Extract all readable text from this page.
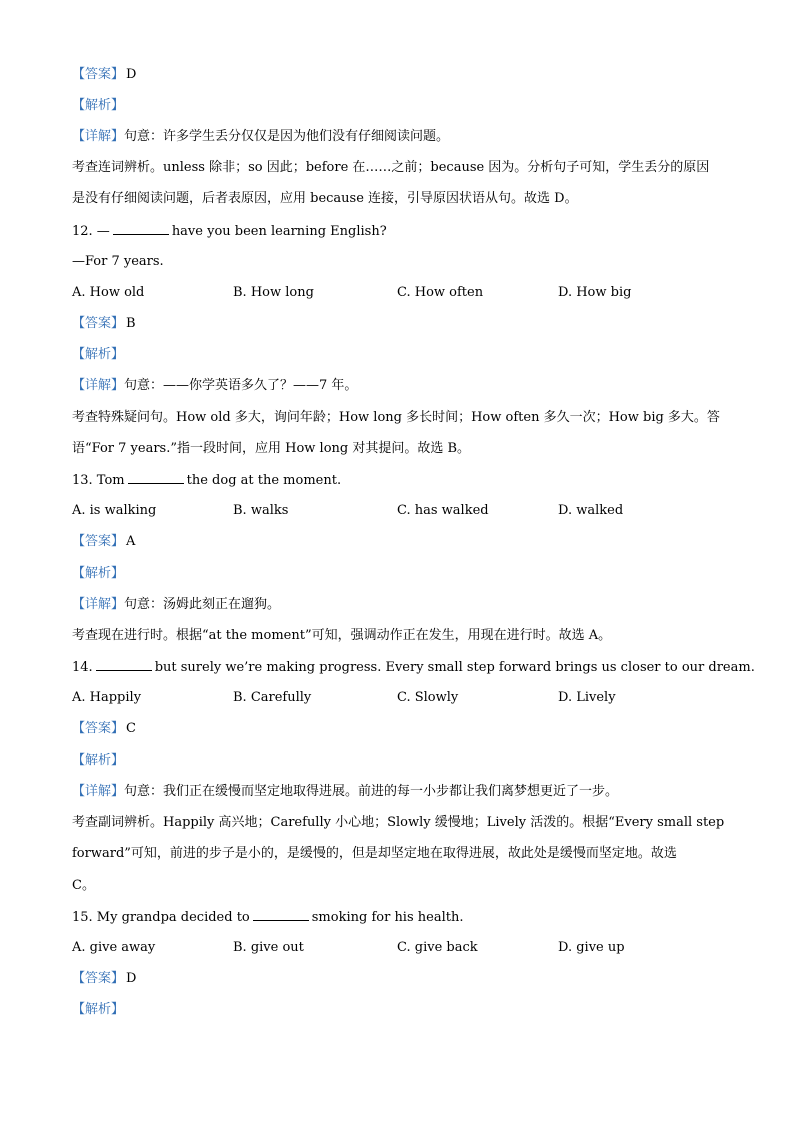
【答案】 D
【解析】
【详解】句意：许多学生丢分仅仅是因为他们没有仔细阅读问题。
考查连词辨析。unless 除非；so 因此；before 在……之前；because 因为。分析句子可知，学生丢分的原因
是没有仔细阅读问题，后者表原因，应用 because 连接，引导原因状语从句。故选 D。
12. —	have you been learning English?
—For 7 years.
A. How old	B. How long	C. How often	D. How big
【答案】 B
【解析】
【详解】句意：——你学英语多久了？——7 年。
考查特殊疑问句。How old 多大，询问年龄；How long 多长时间；How often 多久一次；How big 多大。答
语“For 7 years.”指一段时间，应用 How long 对其提问。故选 B。
13. Tom	the dog at the moment.
A. is walking	B. walks	C. has walked	D. walked
【答案】 A
【解析】
【详解】句意：汤姆此刻正在遛狗。
考查现在进行时。根据“at the moment”可知，强调动作正在发生，用现在进行时。故选 A。
14.	but surely we’re making progress. Every small step forward brings us closer to our dream.
A. Happily	B. Carefully	C. Slowly	D. Lively
【答案】 C
【解析】
【详解】句意：我们正在缓慢而坚定地取得进展。前进的每一小步都让我们离梦想更近了一步。
考查副词辨析。Happily 高兴地；Carefully 小心地；Slowly 缓慢地；Lively 活泼的。根据“Every small step
forward”可知，前进的步子是小的，是缓慢的，但是却坚定地在取得进展，故此处是缓慢而坚定地。故选
C。
15. My grandpa decided to	smoking for his health.
A. give away	B. give out	C. give back	D. give up
【答案】 D
【解析】
